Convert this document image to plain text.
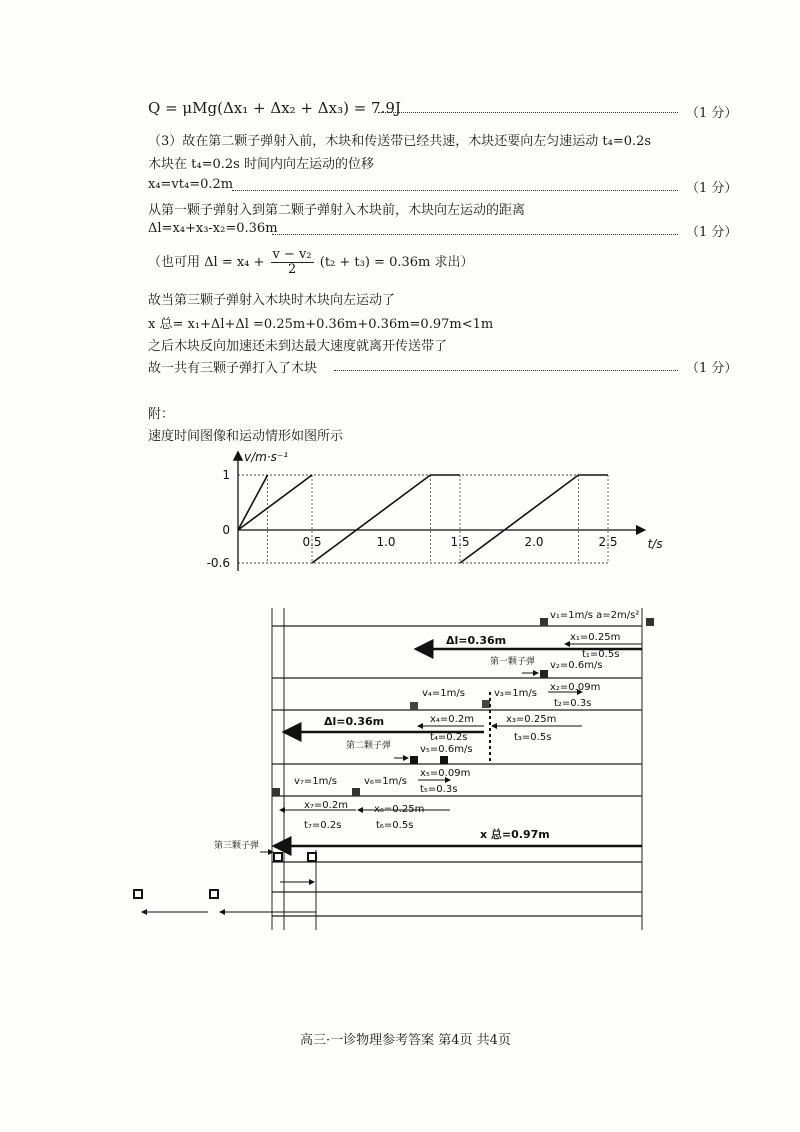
Q = μMg(Δx₁ + Δx₂ + Δx₃) = 7.9J	（1 分）
（3）故在第二颗子弹射入前，木块和传送带已经共速，木块还要向左匀速运动 t₄=0.2s
木块在 t₄=0.2s 时间内向左运动的位移
x₄=vt₄=0.2m	（1 分）
从第一颗子弹射入到第二颗子弹射入木块前，木块向左运动的距离
Δl=x₄+x₃-x₂=0.36m	（1 分）
（也可用 $\Delta l = x_4 + \frac{\text{v − v₂}}{2} (t_2 + t_3) = 0.36m$ 求出）
故当第三颗子弹射入木块时木块向左运动了
x 总= x₁+Δl+Δl =0.25m+0.36m+0.36m=0.97m<1m
之后木块反向加速还未到达最大速度就离开传送带了
故一共有三颗子弹打入了木块	（1 分）
附：
速度时间图像和运动情形如图所示
0.5	1.0	1.5	2.0	2.5
1
0
-0.6
t/s
v/m·s⁻¹
v₁=1m/s a=2m/s²
Δl=0.36m	x₁=0.25m
t₁=0.5s
第一颗子弹 v₂=0.6m/s
x₂=0.09m
t₂=0.3s
v₄=1m/s	v₃=1m/s
x₄=0.2m	x₃=0.25m
Δl=0.36m
t₄=0.2s	t₃=0.5s
第二颗子弹	v₅=0.6m/s
x₅=0.09m
t₅=0.3s
v₇=1m/s	v₆=1m/s
x₇=0.2m	x₆=0.25m
t₇=0.2s	t₆=0.5s
x 总=0.97m
第三颗子弹
高三·一诊物理参考答案 第4页 共4页
